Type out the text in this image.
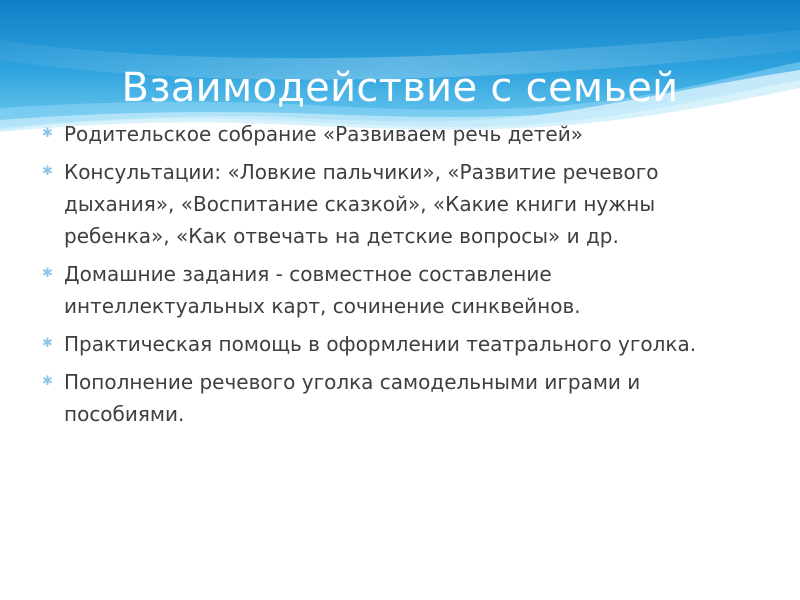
Взаимодействие с семьей
✱ Родительское собрание «Развиваем речь детей»
✱ Консультации: «Ловкие пальчики», «Развитие речевого дыхания», «Воспитание сказкой», «Какие книги нужны ребенка», «Как отвечать на детские вопросы» и др.
✱ Домашние задания - совместное составление интеллектуальных карт, сочинение синквейнов.
✱ Практическая помощь в оформлении театрального уголка.
✱ Пополнение речевого уголка самодельными играми и пособиями.
